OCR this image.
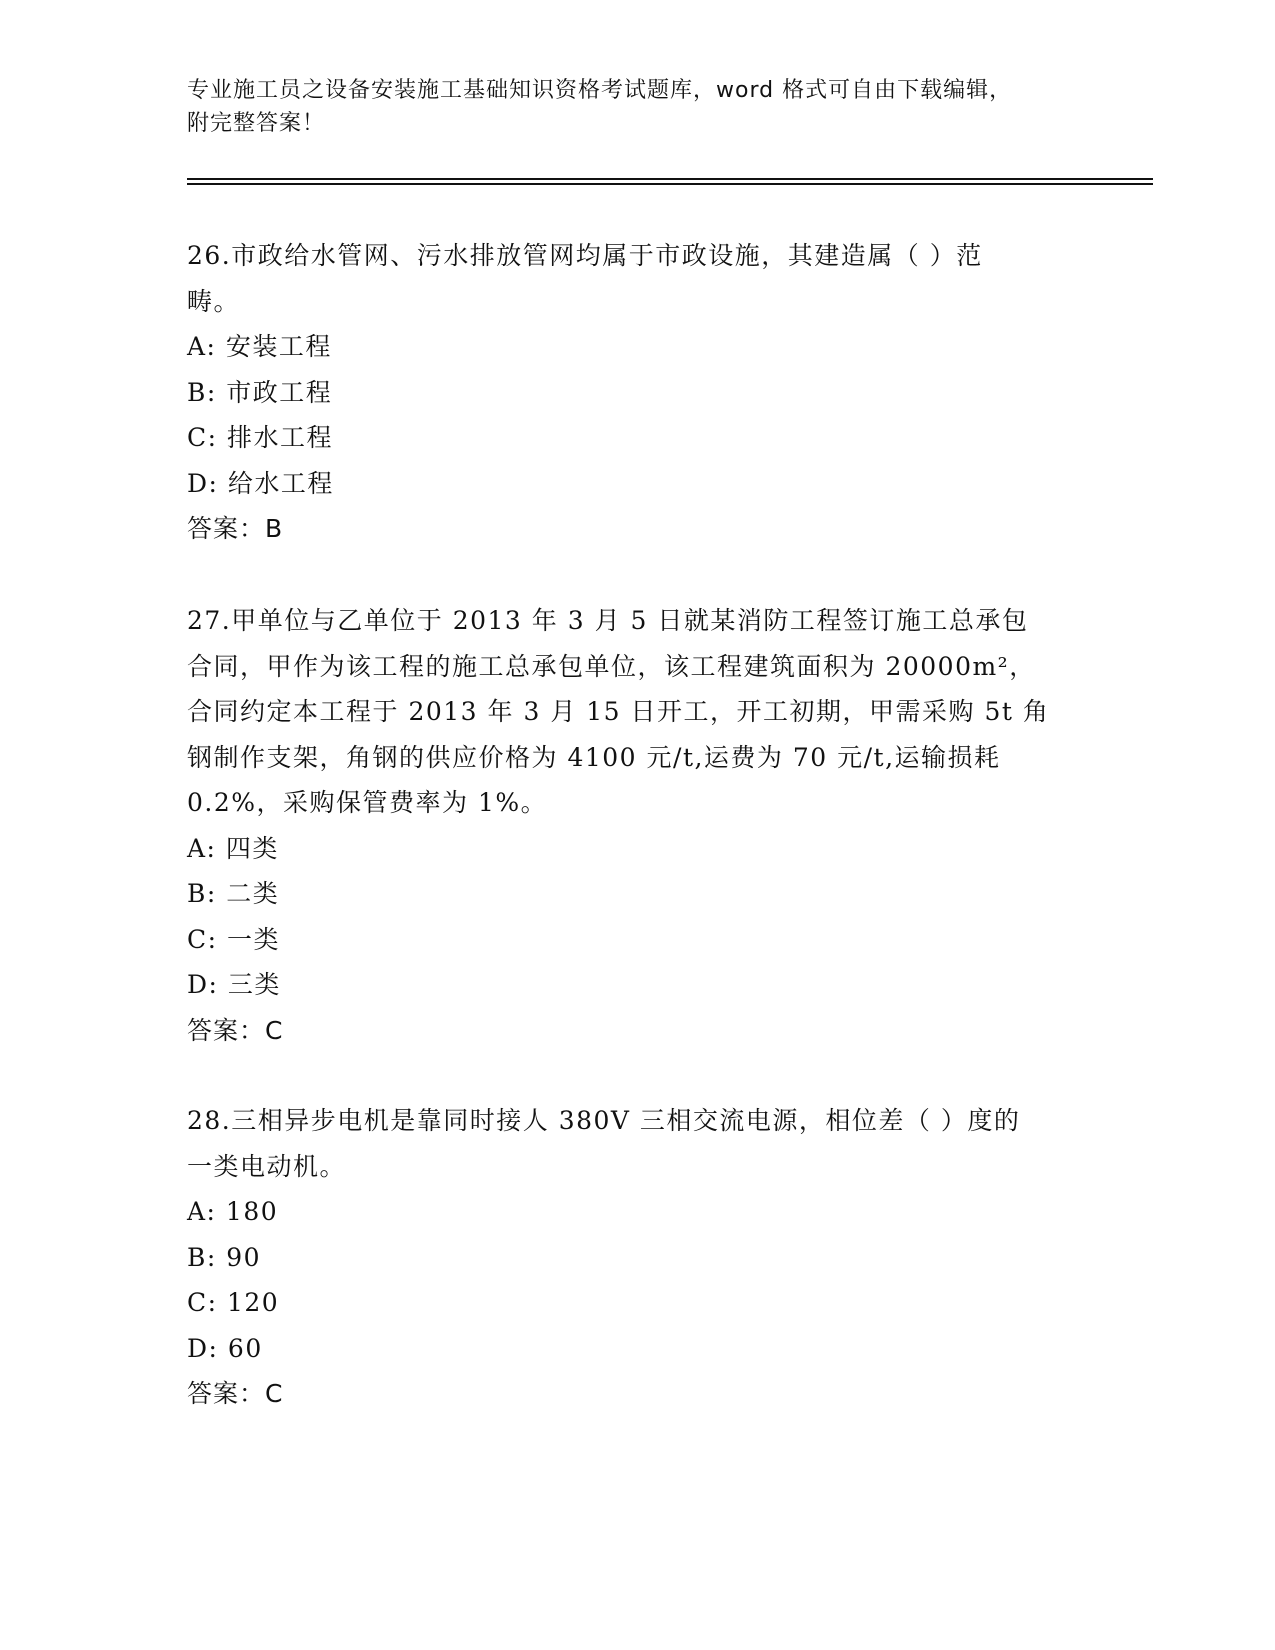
专业施工员之设备安装施工基础知识资格考试题库，word 格式可自由下载编辑，
附完整答案！

26.市政给水管网、污水排放管网均属于市政设施，其建造属（ ）范

畴。

A: 安装工程

B: 市政工程

C: 排水工程

D: 给水工程

答案：B

27.甲单位与乙单位于 2013 年 3 月 5 日就某消防工程签订施工总承包

合同，甲作为该工程的施工总承包单位，该工程建筑面积为 20000m²，

合同约定本工程于 2013 年 3 月 15 日开工，开工初期，甲需采购 5t 角

钢制作支架，角钢的供应价格为 4100 元/t,运费为 70 元/t,运输损耗

0.2%，采购保管费率为 1%。

A: 四类

B: 二类

C: 一类

D: 三类

答案：C

28.三相异步电机是靠同时接人 380V 三相交流电源，相位差（ ）度的

一类电动机。

A: 180

B: 90

C: 120

D: 60

答案：C
